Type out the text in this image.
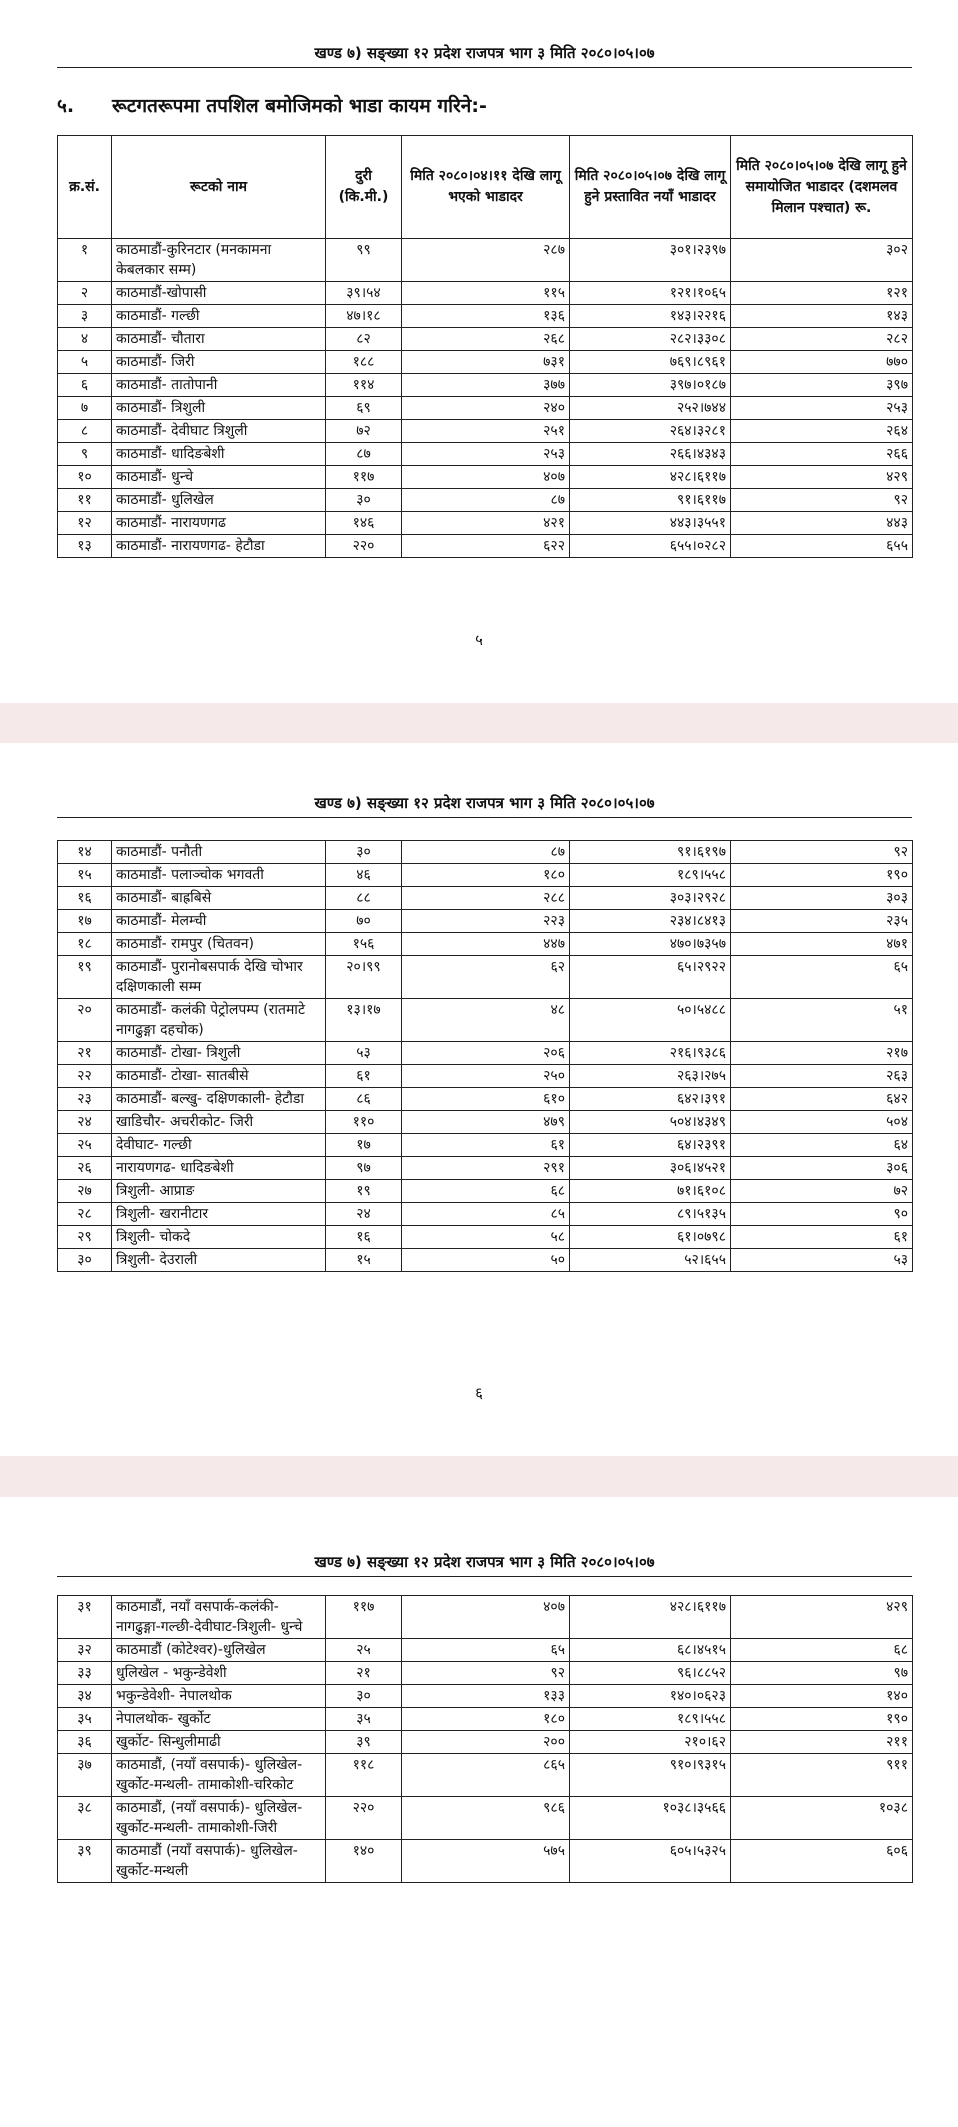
खण्ड ७) सङ्ख्या १२ प्रदेश राजपत्र भाग ३ मिति २०८०।०५।०७
५. रूटगतरूपमा तपशिल बमोजिमको भाडा कायम गरिने:-
क्र.सं.	रूटको नाम	दुरी (कि.मी.)	मिति २०८०।०४।११ देखि लागू भएको भाडादर	मिति २०८०।०५।०७ देखि लागू हुने प्रस्तावित नयाँ भाडादर	मिति २०८०।०५।०७ देखि लागू हुने समायोजित भाडादर (दशमलव मिलान पश्चात) रू.
१	काठमाडौं-कुरिनटार (मनकामना केबलकार सम्म)	९९	२८७	३०१।२३९७	३०२
२	काठमाडौं-खोपासी	३९।५४	११५	१२१।१०६५	१२१
३	काठमाडौं- गल्छी	४७।१८	१३६	१४३।२२१६	१४३
४	काठमाडौं- चौतारा	८२	२६८	२८२।३३०८	२८२
५	काठमाडौं- जिरी	१८८	७३१	७६९।८९६१	७७०
६	काठमाडौं- तातोपानी	११४	३७७	३९७।०१८७	३९७
७	काठमाडौं- त्रिशुली	६९	२४०	२५२।७४४	२५३
८	काठमाडौं- देवीघाट त्रिशुली	७२	२५१	२६४।३२८१	२६४
९	काठमाडौं- धादिङबेशी	८७	२५३	२६६।४३४३	२६६
१०	काठमाडौं- धुन्चे	११७	४०७	४२८।६११७	४२९
११	काठमाडौं- धुलिखेल	३०	८७	९१।६११७	९२
१२	काठमाडौं- नारायणगढ	१४६	४२१	४४३।३५५१	४४३
१३	काठमाडौं- नारायणगढ- हेटौडा	२२०	६२२	६५५।०२८२	६५५
५
खण्ड ७) सङ्ख्या १२ प्रदेश राजपत्र भाग ३ मिति २०८०।०५।०७
१४	काठमाडौं- पनौती	३०	८७	९१।६१९७	९२
१५	काठमाडौं- पलाञ्चोक भगवती	४६	१८०	१८९।५५८	१९०
१६	काठमाडौं- बाह्रबिसे	८८	२८८	३०३।२९२८	३०३
१७	काठमाडौं- मेलम्ची	७०	२२३	२३४।८४१३	२३५
१८	काठमाडौं- रामपुर (चितवन)	१५६	४४७	४७०।७३५७	४७१
१९	काठमाडौं- पुरानोबसपार्क देखि चोभार दक्षिणकाली सम्म	२०।९९	६२	६५।२९२२	६५
२०	काठमाडौं- कलंकी पेट्रोलपम्प (रातमाटे नागढुङ्गा दहचोक)	१३।१७	४८	५०।५४८८	५१
२१	काठमाडौं- टोखा- त्रिशुली	५३	२०६	२१६।९३८६	२१७
२२	काठमाडौं- टोखा- सातबीसे	६१	२५०	२६३।२७५	२६३
२३	काठमाडौं- बल्खु- दक्षिणकाली- हेटौडा	८६	६१०	६४२।३९१	६४२
२४	खाडिचौर- अचरीकोट- जिरी	११०	४७९	५०४।४३४९	५०४
२५	देवीघाट- गल्छी	१७	६१	६४।२३९१	६४
२६	नारायणगढ- धादिङबेशी	९७	२९१	३०६।४५२१	३०६
२७	त्रिशुली- आप्राङ	१९	६८	७१।६१०८	७२
२८	त्रिशुली- खरानीटार	२४	८५	८९।५१३५	९०
२९	त्रिशुली- चोकदे	१६	५८	६१।०७९८	६१
३०	त्रिशुली- देउराली	१५	५०	५२।६५५	५३
६
खण्ड ७) सङ्ख्या १२ प्रदेश राजपत्र भाग ३ मिति २०८०।०५।०७
३१	काठमाडौं, नयाँ वसपार्क-कलंकी- नागढुङ्गा-गल्छी-देवीघाट-त्रिशुली- धुन्चे	११७	४०७	४२८।६११७	४२९
३२	काठमाडौं (कोटेश्वर)-धुलिखेल	२५	६५	६८।४५१५	६८
३३	धुलिखेल - भकुन्डेवेशी	२१	९२	९६।८८५२	९७
३४	भकुन्डेवेशी- नेपालथोक	३०	१३३	१४०।०६२३	१४०
३५	नेपालथोक- खुर्कोट	३५	१८०	१८९।५५८	१९०
३६	खुर्कोट- सिन्धुलीमाढी	३९	२००	२१०।६२	२११
३७	काठमाडौं, (नयाँ वसपार्क)- धुलिखेल-खुर्कोट-मन्थली- तामाकोशी-चरिकोट	११८	८६५	९१०।९३१५	९११
३८	काठमाडौं, (नयाँ वसपार्क)- धुलिखेल-खुर्कोट-मन्थली- तामाकोशी-जिरी	२२०	९८६	१०३८।३५६६	१०३८
३९	काठमाडौं (नयाँ वसपार्क)- धुलिखेल-खुर्कोट-मन्थली	१४०	५७५	६०५।५३२५	६०६
